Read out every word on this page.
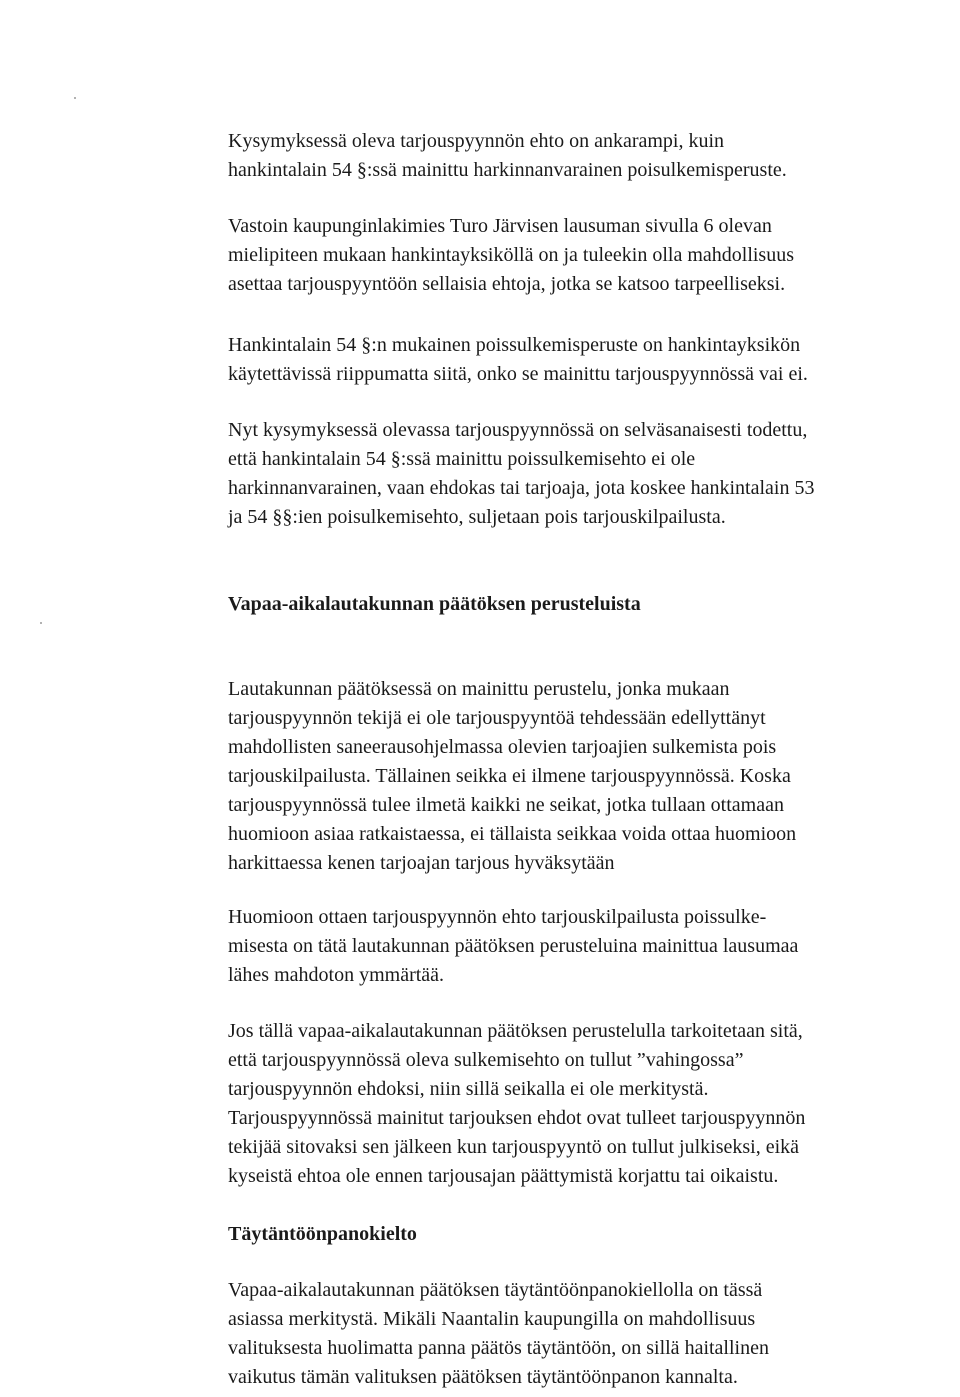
Kysymyksessä oleva tarjouspyynnön ehto on ankarampi, kuin
hankintalain 54 §:ssä mainittu harkinnanvarainen poisulkemisperuste.
Vastoin kaupunginlakimies Turo Järvisen lausuman sivulla 6 olevan
mielipiteen mukaan hankintayksiköllä on ja tuleekin olla mahdollisuus
asettaa tarjouspyyntöön sellaisia ehtoja, jotka se katsoo tarpeelliseksi.
Hankintalain 54 §:n mukainen poissulkemisperuste on hankintayksikön
käytettävissä riippumatta siitä, onko se mainittu tarjouspyynnössä vai ei.
Nyt kysymyksessä olevassa tarjouspyynnössä on selväsanaisesti todettu,
että hankintalain 54 §:ssä mainittu poissulkemisehto ei ole
harkinnanvarainen, vaan ehdokas tai tarjoaja, jota koskee hankintalain 53
ja 54 §§:ien poisulkemisehto, suljetaan pois tarjouskilpailusta.
Vapaa-aikalautakunnan päätöksen perusteluista
Lautakunnan päätöksessä on mainittu perustelu, jonka mukaan
tarjouspyynnön tekijä ei ole tarjouspyyntöä tehdessään edellyttänyt
mahdollisten saneerausohjelmassa olevien tarjoajien sulkemista pois
tarjouskilpailusta. Tällainen seikka ei ilmene tarjouspyynnössä. Koska
tarjouspyynnössä tulee ilmetä kaikki ne seikat, jotka tullaan ottamaan
huomioon asiaa ratkaistaessa, ei tällaista seikkaa voida ottaa huomioon
harkittaessa kenen tarjoajan tarjous hyväksytään
Huomioon ottaen tarjouspyynnön ehto tarjouskilpailusta poissulke-
misesta on tätä lautakunnan päätöksen perusteluina mainittua lausumaa
lähes mahdoton ymmärtää.
Jos tällä vapaa-aikalautakunnan päätöksen perustelulla tarkoitetaan sitä,
että tarjouspyynnössä oleva sulkemisehto on tullut ”vahingossa”
tarjouspyynnön ehdoksi, niin sillä seikalla ei ole merkitystä.
Tarjouspyynnössä mainitut tarjouksen ehdot ovat tulleet tarjouspyynnön
tekijää sitovaksi sen jälkeen kun tarjouspyyntö on tullut julkiseksi, eikä
kyseistä ehtoa ole ennen tarjousajan päättymistä korjattu tai oikaistu.
Täytäntöönpanokielto
Vapaa-aikalautakunnan päätöksen täytäntöönpanokiellolla on tässä
asiassa merkitystä. Mikäli Naantalin kaupungilla on mahdollisuus
valituksesta huolimatta panna päätös täytäntöön, on sillä haitallinen
vaikutus tämän valituksen päätöksen täytäntöönpanon kannalta.
